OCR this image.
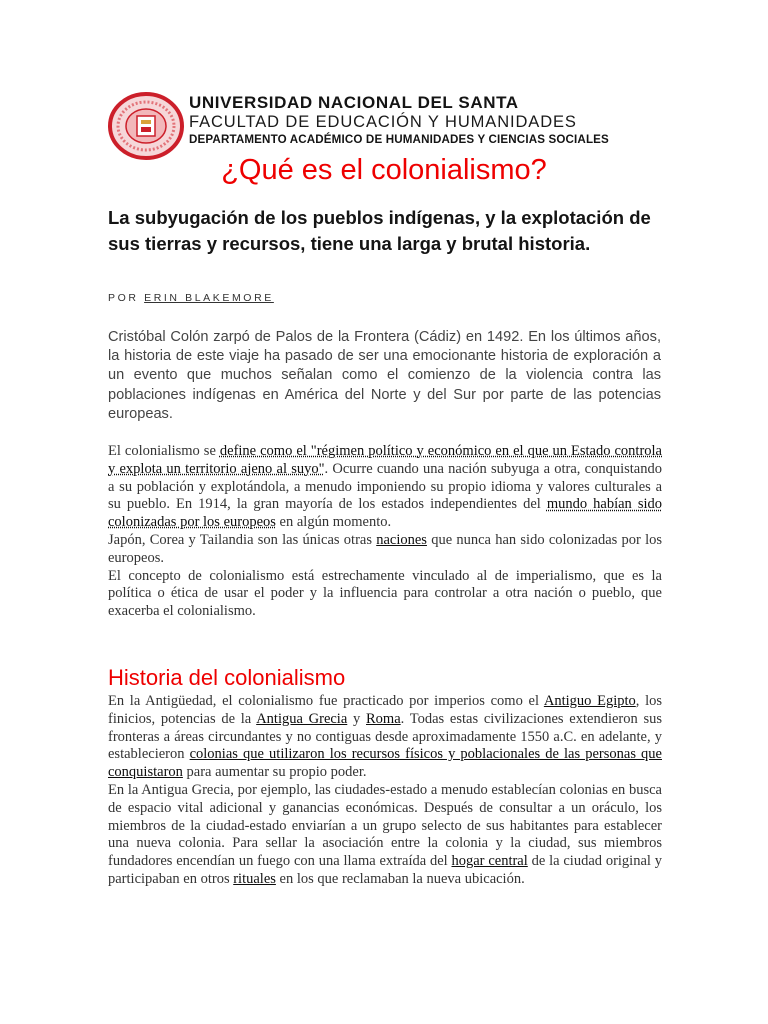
UNIVERSIDAD NACIONAL DEL SANTA
FACULTAD DE EDUCACIÓN Y HUMANIDADES
DEPARTAMENTO ACADÉMICO DE HUMANIDADES Y CIENCIAS SOCIALES
¿Qué es el colonialismo?

La subyugación de los pueblos indígenas, y la explotación de sus tierras y recursos, tiene una larga y brutal historia.

POR ERIN BLAKEMORE

Cristóbal Colón zarpó de Palos de la Frontera (Cádiz) en 1492. En los últimos años, la historia de este viaje ha pasado de ser una emocionante historia de exploración a un evento que muchos señalan como el comienzo de la violencia contra las poblaciones indígenas en América del Norte y del Sur por parte de las potencias europeas.

El colonialismo se define como el "régimen político y económico en el que un Estado controla y explota un territorio ajeno al suyo". Ocurre cuando una nación subyuga a otra, conquistando a su población y explotándola, a menudo imponiendo su propio idioma y valores culturales a su pueblo. En 1914, la gran mayoría de los estados independientes del mundo habían sido colonizadas por los europeos en algún momento.

Japón, Corea y Tailandia son las únicas otras naciones que nunca han sido colonizadas por los europeos.

El concepto de colonialismo está estrechamente vinculado al de imperialismo, que es la política o ética de usar el poder y la influencia para controlar a otra nación o pueblo, que exacerba el colonialismo.

Historia del colonialismo

En la Antigüedad, el colonialismo fue practicado por imperios como el Antiguo Egipto, los finicios, potencias de la Antigua Grecia y Roma. Todas estas civilizaciones extendieron sus fronteras a áreas circundantes y no contiguas desde aproximadamente 1550 a.C. en adelante, y establecieron colonias que utilizaron los recursos físicos y poblacionales de las personas que conquistaron para aumentar su propio poder.

En la Antigua Grecia, por ejemplo, las ciudades-estado a menudo establecían colonias en busca de espacio vital adicional y ganancias económicas. Después de consultar a un oráculo, los miembros de la ciudad-estado enviarían a un grupo selecto de sus habitantes para establecer una nueva colonia. Para sellar la asociación entre la colonia y la ciudad, sus miembros fundadores encendían un fuego con una llama extraída del hogar central de la ciudad original y participaban en otros rituales en los que reclamaban la nueva ubicación.
